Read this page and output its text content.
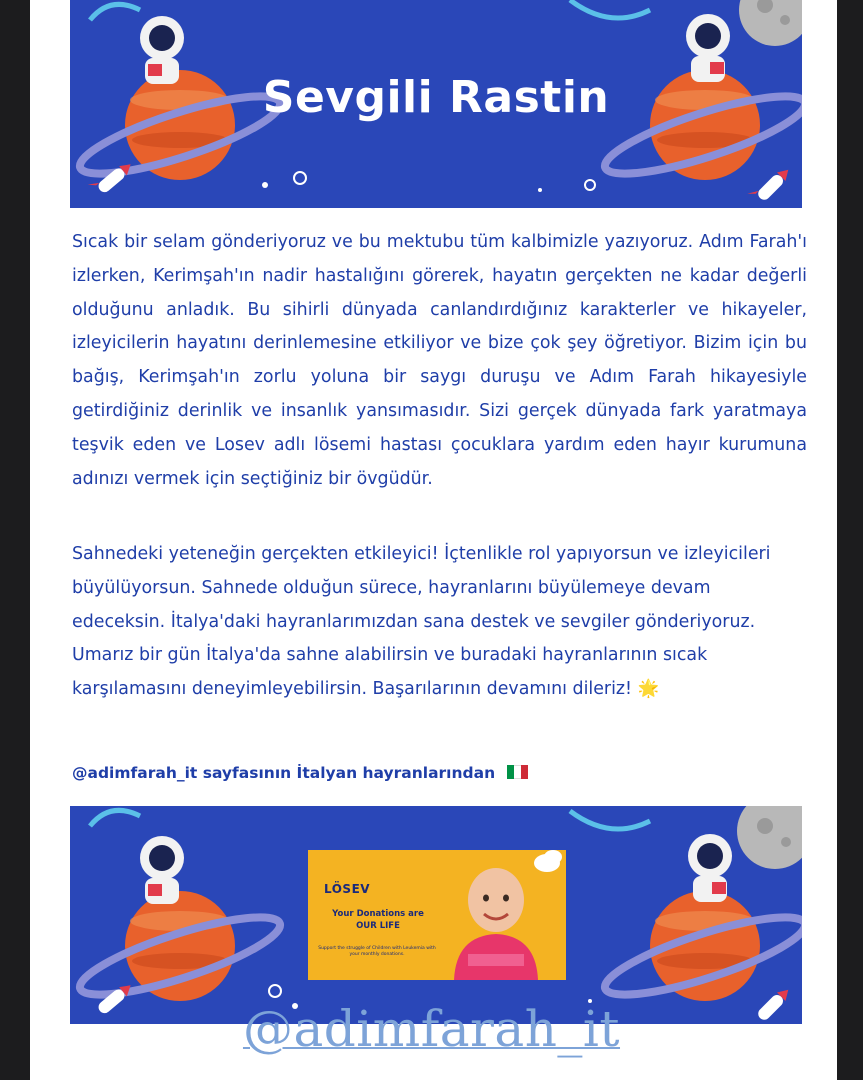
Sevgili Rastin
Sıcak bir selam gönderiyoruz ve bu mektubu tüm kalbimizle yazıyoruz. Adım Farah'ı izlerken, Kerimşah'ın nadir hastalığını görerek, hayatın gerçekten ne kadar değerli olduğunu anladık. Bu sihirli dünyada canlandırdığınız karakterler ve hikayeler, izleyicilerin hayatını derinlemesine etkiliyor ve bize çok şey öğretiyor. Bizim için bu bağış, Kerimşah'ın zorlu yoluna bir saygı duruşu ve Adım Farah hikayesiyle getirdiğiniz derinlik ve insanlık yansımasıdır. Sizi gerçek dünyada fark yaratmaya teşvik eden ve Losev adlı lösemi hastası çocuklara yardım eden hayır kurumuna adınızı vermek için seçtiğiniz bir övgüdür.
Sahnedeki yeteneğin gerçekten etkileyici! İçtenlikle rol yapıyorsun ve izleyicileri büyülüyorsun. Sahnede olduğun sürece, hayranlarını büyülemeye devam edeceksin. İtalya'daki hayranlarımızdan sana destek ve sevgiler gönderiyoruz. Umarız bir gün İtalya'da sahne alabilirsin ve buradaki hayranlarının sıcak karşılamasını deneyimleyebilirsin. Başarılarının devamını dileriz! 🌟
@adimfarah_it sayfasının İtalyan hayranlarından
LÖSEV
Your Donations are
OUR LIFE
Support the struggle of Children with Leukemia with your monthly donations.
@adimfarah_it
